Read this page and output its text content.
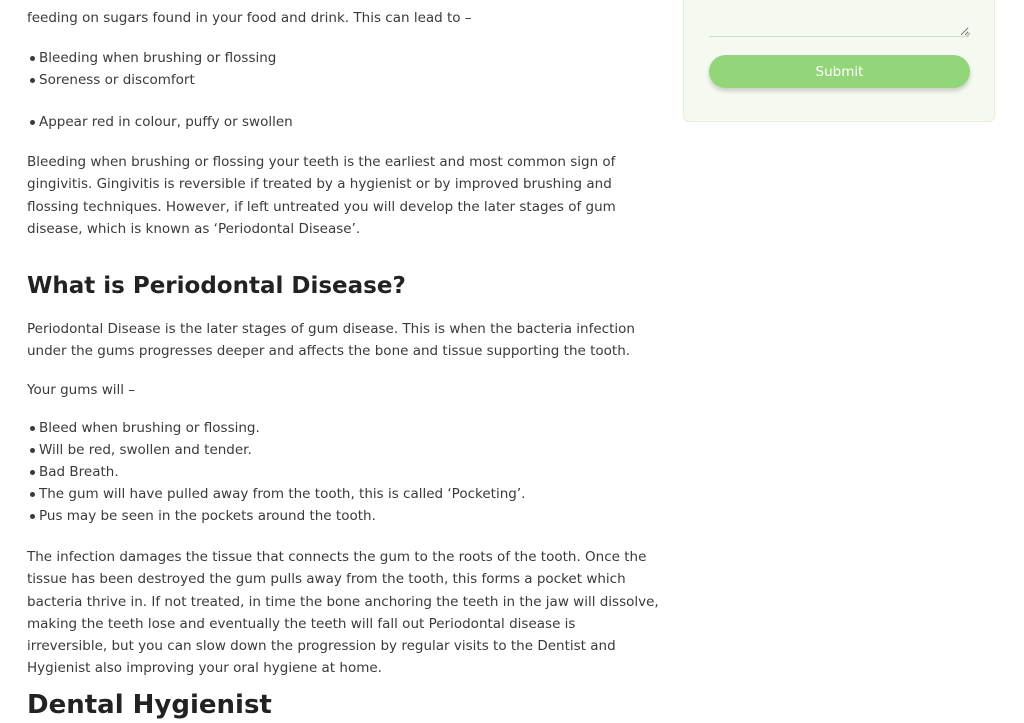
feeding on sugars found in your food and drink. This can lead to –

Bleeding when brushing or flossing
Soreness or discomfort
Appear red in colour, puffy or swollen

Bleeding when brushing or flossing your teeth is the earliest and most common sign of gingivitis. Gingivitis is reversible if treated by a hygienist or by improved brushing and flossing techniques. However, if left untreated you will develop the later stages of gum disease, which is known as ‘Periodontal Disease’.

What is Periodontal Disease?

Periodontal Disease is the later stages of gum disease. This is when the bacteria infection under the gums progresses deeper and affects the bone and tissue supporting the tooth.

Your gums will –

Bleed when brushing or flossing.
Will be red, swollen and tender.
Bad Breath.
The gum will have pulled away from the tooth, this is called ‘Pocketing’.
Pus may be seen in the pockets around the tooth.

The infection damages the tissue that connects the gum to the roots of the tooth. Once the tissue has been destroyed the gum pulls away from the tooth, this forms a pocket which bacteria thrive in. If not treated, in time the bone anchoring the teeth in the jaw will dissolve, making the teeth lose and eventually the teeth will fall out Periodontal disease is irreversible, but you can slow down the progression by regular visits to the Dentist and Hygienist also improving your oral hygiene at home.

Dental Hygienist
Submit
